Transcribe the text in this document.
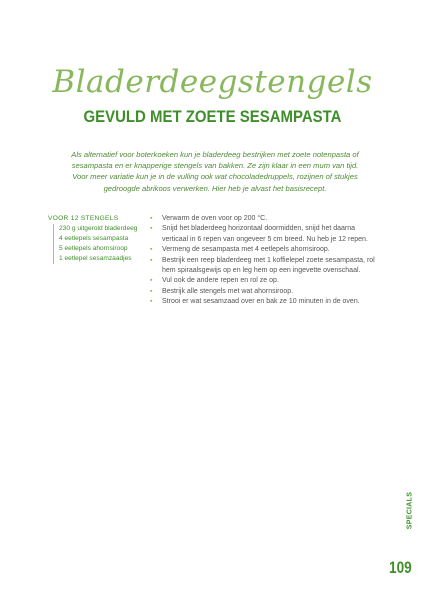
Bladerdeegstengels
GEVULD MET ZOETE SESAMPASTA
Als alternatief voor boterkoeken kun je bladerdeeg bestrijken met zoete notenpasta of sesampasta en er knapperige stengels van bakken. Ze zijn klaar in een mum van tijd. Voor meer variatie kun je in de vulling ook wat chocoladedruppels, rozijnen of stukjes gedroogde abrikoos verwerken. Hier heb je alvast het basisrecept.
VOOR 12 STENGELS
230 g uitgerold bladerdeeg
4 eetlepels sesampasta
5 eetlepels ahornsiroop
1 eetlepel sesamzaadjes
▪ Verwarm de oven voor op 200 °C.
▪ Snijd het bladerdeeg horizontaal doormidden, snijd het daarna verticaal in 6 repen van ongeveer 5 cm breed. Nu heb je 12 repen.
▪ Vermeng de sesampasta met 4 eetlepels ahornsiroop.
▪ Bestrijk een reep bladerdeeg met 1 koffielepel zoete sesampasta, rol hem spiraalsgewijs op en leg hem op een ingevette ovenschaal.
▪ Vul ook de andere repen en rol ze op.
▪ Bestrijk alle stengels met wat ahornsiroop.
▪ Strooi er wat sesamzaad over en bak ze 10 minuten in de oven.
SPECIALS
109
